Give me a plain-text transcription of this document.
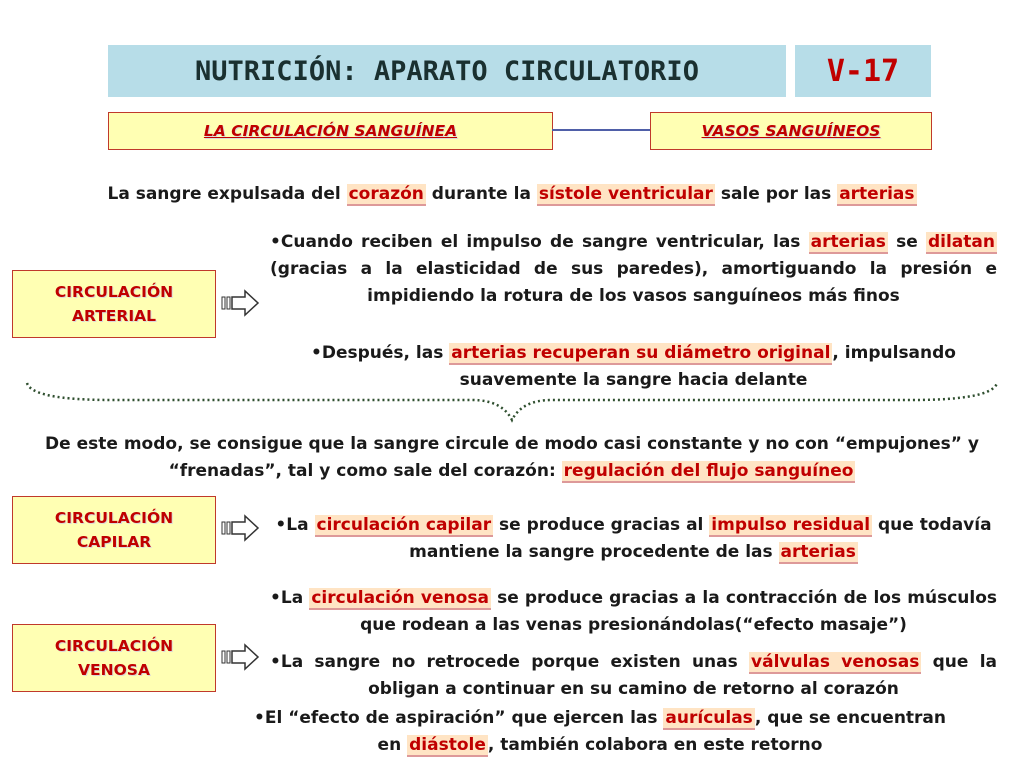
NUTRICIÓN: APARATO CIRCULATORIO	V-17
LA CIRCULACIÓN SANGUÍNEA	VASOS SANGUÍNEOS
La sangre expulsada del corazón durante la sístole ventricular sale por las arterias
CIRCULACIÓN
ARTERIAL
•Cuando reciben el impulso de sangre ventricular, las arterias se dilatan (gracias a la elasticidad de sus paredes), amortiguando la presión e impidiendo la rotura de los vasos sanguíneos más finos
•Después, las arterias recuperan su diámetro original , impulsando suavemente la sangre hacia delante
De este modo, se consigue que la sangre circule de modo casi constante y no con “empujones” y “frenadas”, tal y como sale del corazón: regulación del flujo sanguíneo
CIRCULACIÓN
CAPILAR
•La circulación capilar se produce gracias al impulso residual que todavía mantiene la sangre procedente de las arterias
CIRCULACIÓN
VENOSA
•La circulación venosa se produce gracias a la contracción de los músculos que rodean a las venas presionándolas(“efecto masaje”)
•La sangre no retrocede porque existen unas válvulas venosas que la obligan a continuar en su camino de retorno al corazón
•El “efecto de aspiración” que ejercen las aurículas , que se encuentran en diástole , también colabora en este retorno
